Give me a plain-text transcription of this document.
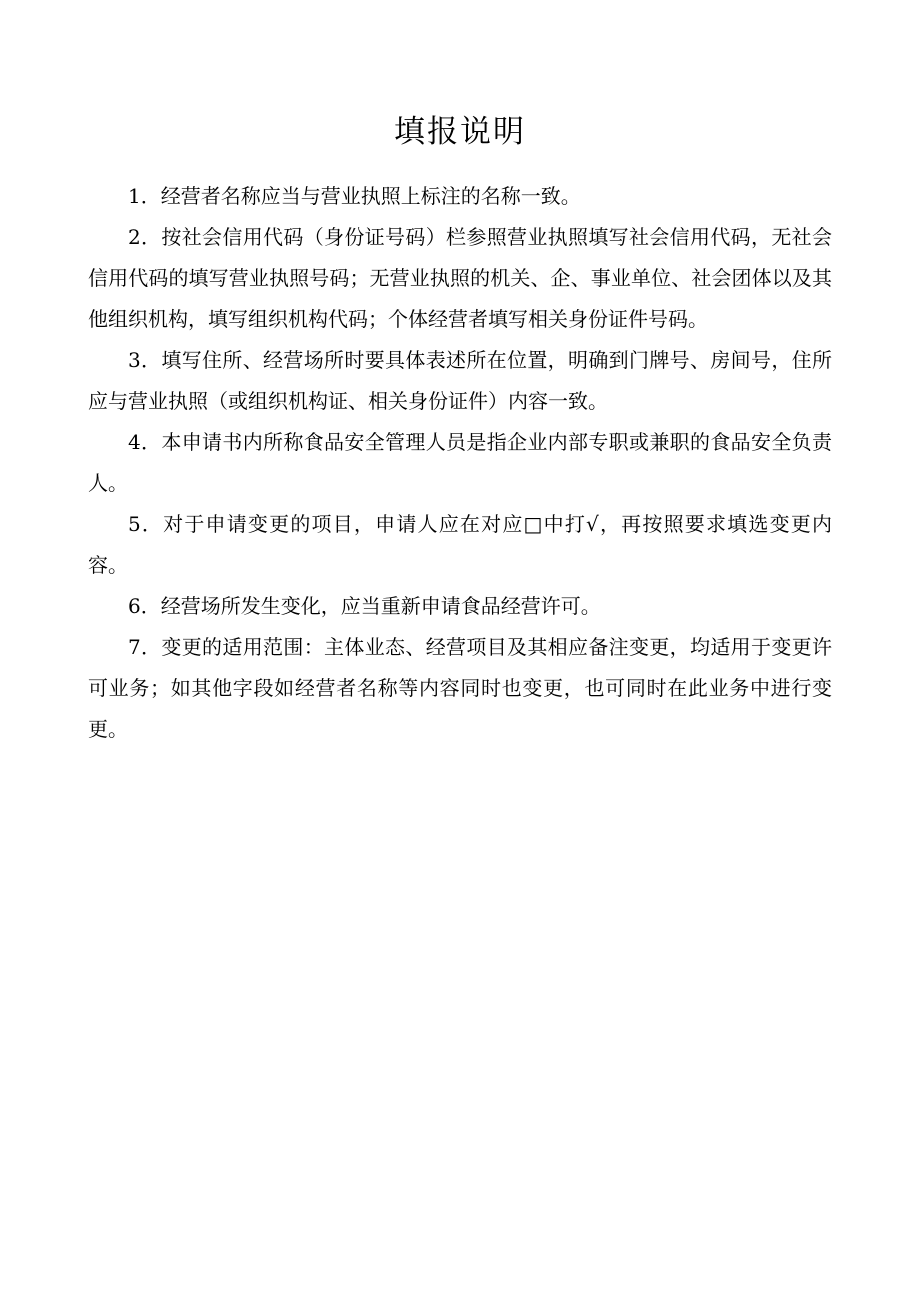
填报说明

1．经营者名称应当与营业执照上标注的名称一致。

2．按社会信用代码（身份证号码）栏参照营业执照填写社会信用代码，无社会信用代码的填写营业执照号码；无营业执照的机关、企、事业单位、社会团体以及其他组织机构，填写组织机构代码；个体经营者填写相关身份证件号码。

3．填写住所、经营场所时要具体表述所在位置，明确到门牌号、房间号，住所应与营业执照（或组织机构证、相关身份证件）内容一致。

4．本申请书内所称食品安全管理人员是指企业内部专职或兼职的食品安全负责人。

5．对于申请变更的项目，申请人应在对应□中打√，再按照要求填选变更内容。

6．经营场所发生变化，应当重新申请食品经营许可。

7．变更的适用范围：主体业态、经营项目及其相应备注变更，均适用于变更许可业务；如其他字段如经营者名称等内容同时也变更，也可同时在此业务中进行变更。
